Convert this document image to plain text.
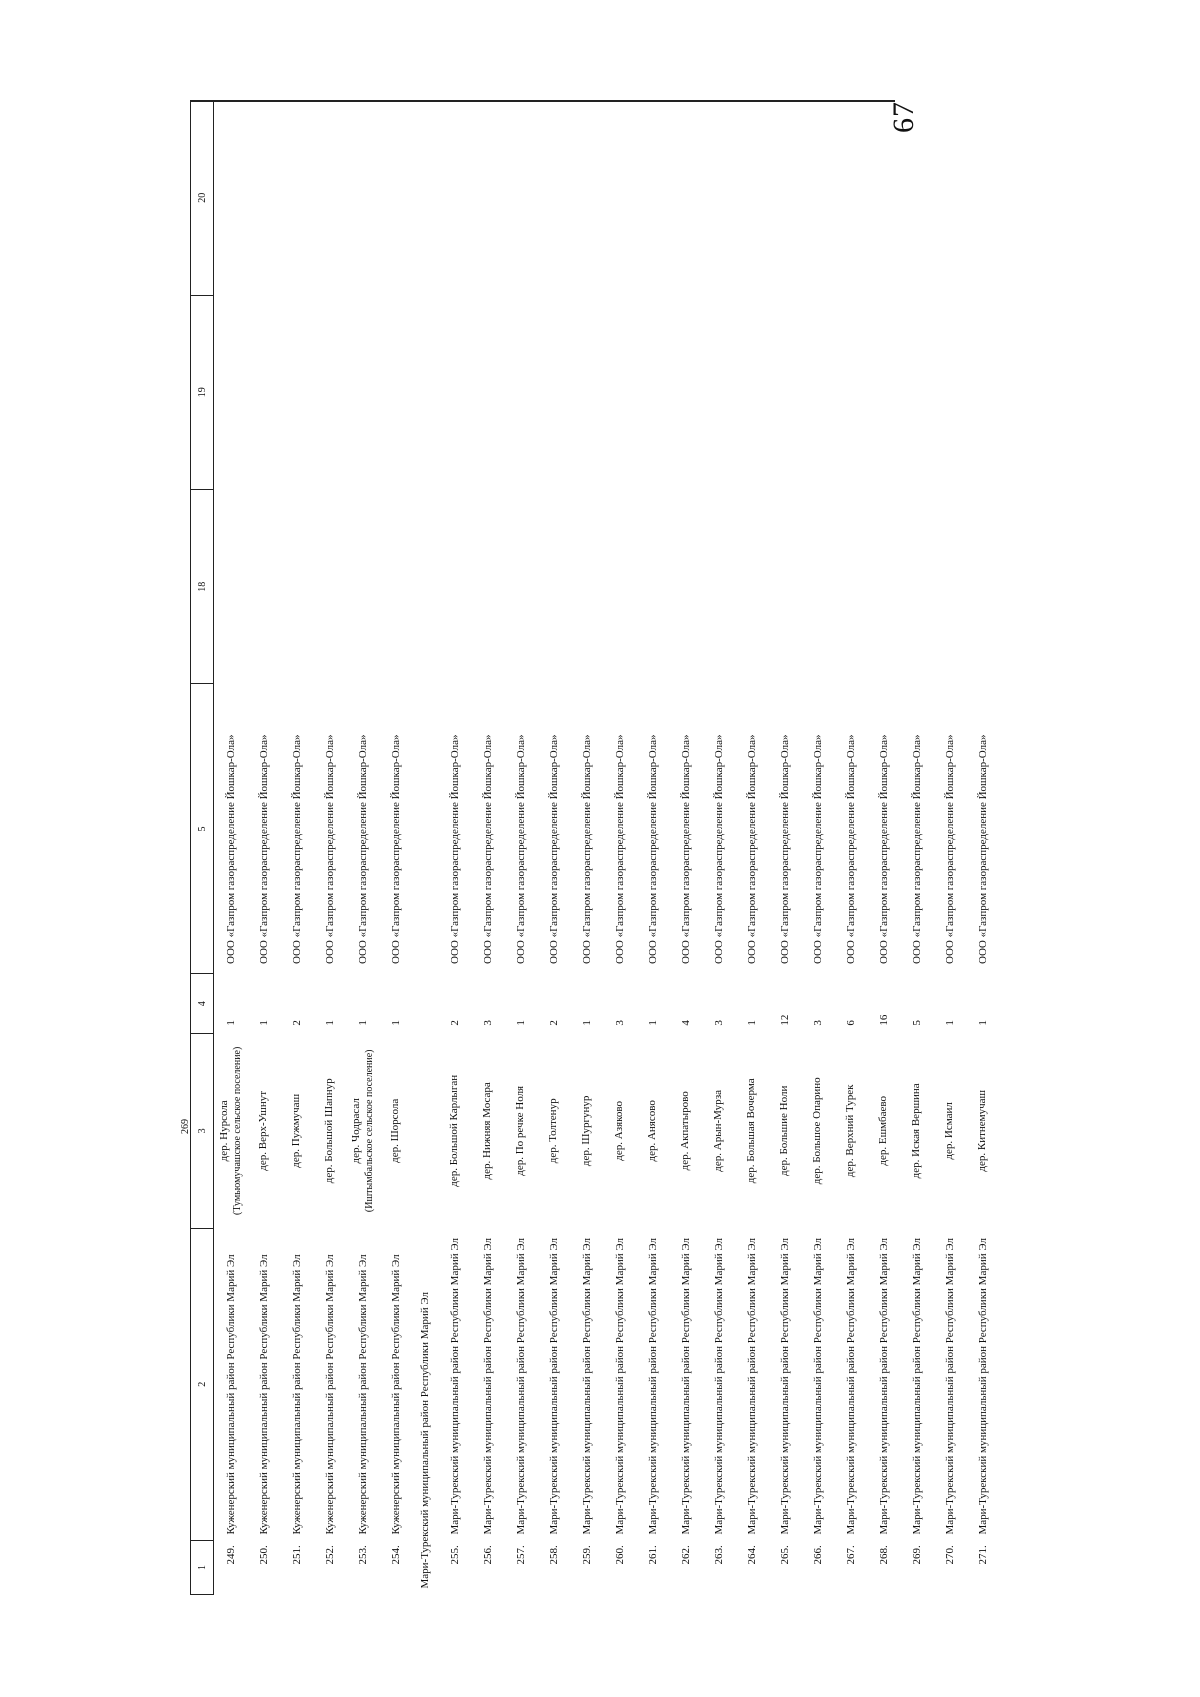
67
1	2	3	4	5	18	19	20
249.	Куженерский муниципальный район Республики Марий Эл	дер. Нурсола (Тумьюмучашское сельское поселение)	1	ООО «Газпром газораспределение Йошкар-Ола»			
250.	Куженерский муниципальный район Республики Марий Эл	дер. Верх-Ушнут	1	ООО «Газпром газораспределение Йошкар-Ола»			
251.	Куженерский муниципальный район Республики Марий Эл	дер. Пужмучаш	2	ООО «Газпром газораспределение Йошкар-Ола»			
252.	Куженерский муниципальный район Республики Марий Эл	дер. Большой Шапнур	1	ООО «Газпром газораспределение Йошкар-Ола»			
253.	Куженерский муниципальный район Республики Марий Эл	дер. Чодрасал (Иштымбальское сельское поселение)	1	ООО «Газпром газораспределение Йошкар-Ола»			
254.	Куженерский муниципальный район Республики Марий Эл	дер. Шорсола	1	ООО «Газпром газораспределение Йошкар-Ола»			
Мари-Турекский муниципальный район Республики Марий Эл
269							

255.	Мари-Турекский муниципальный район Республики Марий Эл	дер. Большой Карлыган	2	ООО «Газпром газораспределение Йошкар-Ола»			
256.	Мари-Турекский муниципальный район Республики Марий Эл	дер. Нижняя Мосара	3	ООО «Газпром газораспределение Йошкар-Ола»			
257.	Мари-Турекский муниципальный район Республики Марий Эл	дер. По речке Ноля	1	ООО «Газпром газораспределение Йошкар-Ола»			
258.	Мари-Турекский муниципальный район Республики Марий Эл	дер. Толтенур	2	ООО «Газпром газораспределение Йошкар-Ола»			
259.	Мари-Турекский муниципальный район Республики Марий Эл	дер. Шургунур	1	ООО «Газпром газораспределение Йошкар-Ола»			
260.	Мари-Турекский муниципальный район Республики Марий Эл	дер. Азяково	3	ООО «Газпром газораспределение Йошкар-Ола»			
261.	Мари-Турекский муниципальный район Республики Марий Эл	дер. Анясово	1	ООО «Газпром газораспределение Йошкар-Ола»			
262.	Мари-Турекский муниципальный район Республики Марий Эл	дер. Акпатырово	4	ООО «Газпром газораспределение Йошкар-Ола»			
263.	Мари-Турекский муниципальный район Республики Марий Эл	дер. Арын-Мурза	3	ООО «Газпром газораспределение Йошкар-Ола»			
264.	Мари-Турекский муниципальный район Республики Марий Эл	дер. Большая Вочерма	1	ООО «Газпром газораспределение Йошкар-Ола»			
265.	Мари-Турекский муниципальный район Республики Марий Эл	дер. Большие Ноли	12	ООО «Газпром газораспределение Йошкар-Ола»			
266.	Мари-Турекский муниципальный район Республики Марий Эл	дер. Большое Опарино	3	ООО «Газпром газораспределение Йошкар-Ола»			
267.	Мари-Турекский муниципальный район Республики Марий Эл	дер. Верхний Турек	6	ООО «Газпром газораспределение Йошкар-Ола»			
268.	Мари-Турекский муниципальный район Республики Марий Эл	дер. Ешмбаево	16	ООО «Газпром газораспределение Йошкар-Ола»			
269.	Мари-Турекский муниципальный район Республики Марий Эл	дер. Иская Вершина	5	ООО «Газпром газораспределение Йошкар-Ола»			
270.	Мари-Турекский муниципальный район Республики Марий Эл	дер. Исмаил	1	ООО «Газпром газораспределение Йошкар-Ола»			
271.	Мари-Турекский муниципальный район Республики Марий Эл	дер. Китнемучаш	1	ООО «Газпром газораспределение Йошкар-Ола»			
